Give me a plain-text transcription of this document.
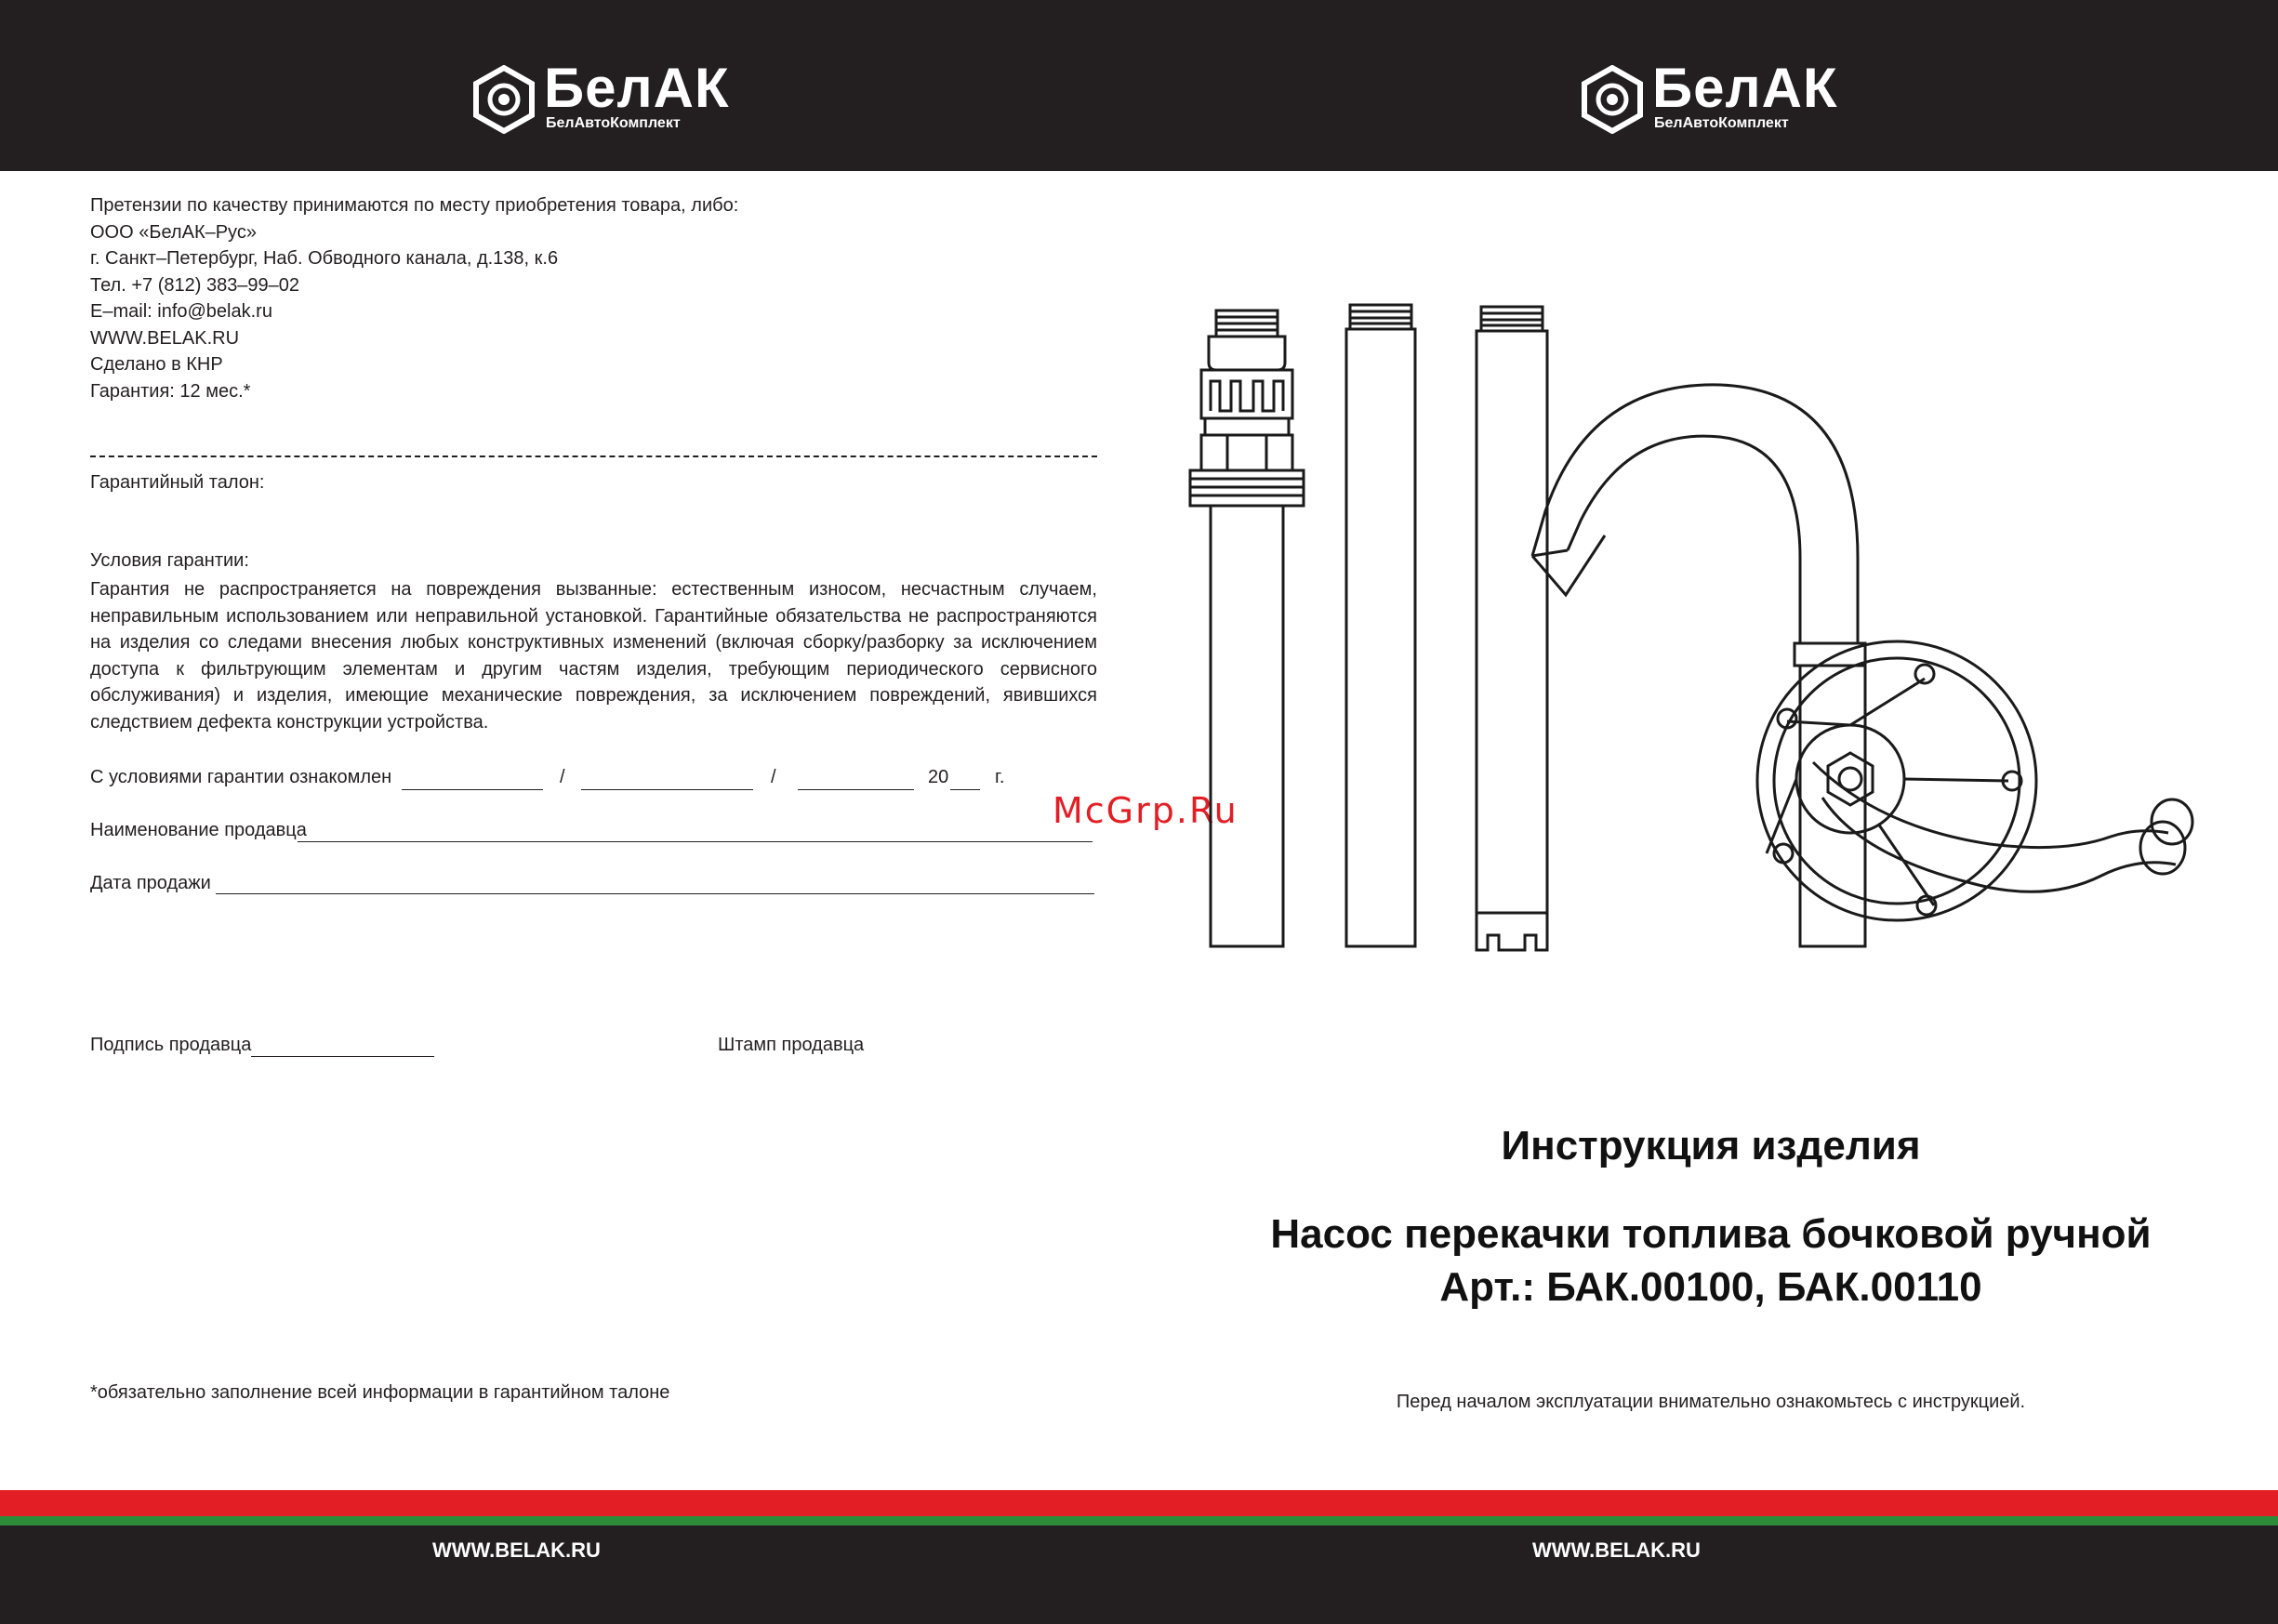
БелАК
БелАвтоКомплект
БелАК
БелАвтоКомплект
Претензии по качеству принимаются по месту приобретения товара, либо:
ООО «БелАК–Рус»
г. Санкт–Петербург, Наб. Обводного канала, д.138, к.6
Тел. +7 (812) 383–99–02
E–mail: info@belak.ru
WWW.BELAK.RU
Сделано в КНР
Гарантия: 12 мес.*
Гарантийный талон:
Условия гарантии:
Гарантия не распространяется на повреждения вызванные: естественным износом, несчастным случаем, неправильным использованием или неправильной установкой. Гарантийные обязательства не распространяются на изделия со следами внесения любых конструктивных изменений (включая сборку/разборку за исключением доступа к фильтрующим элементам и другим частям изделия, требующим периодического сервисного обслуживания) и изделия, имеющие механические повреждения, за исключением повреждений, явившихся следствием дефекта конструкции устройства.
С условиями гарантии ознакомлен	/	/	20 г.
Наименование продавца
Дата продажи
Подпись продавца	Штамп продавца
*обязательно заполнение всей информации в гарантийном талоне
McGrp.Ru
Инструкция изделия
Насос перекачки топлива бочковой ручной
Арт.: БАК.00100, БАК.00110
Перед началом эксплуатации внимательно ознакомьтесь с инструкцией.
WWW.BELAK.RU	WWW.BELAK.RU
